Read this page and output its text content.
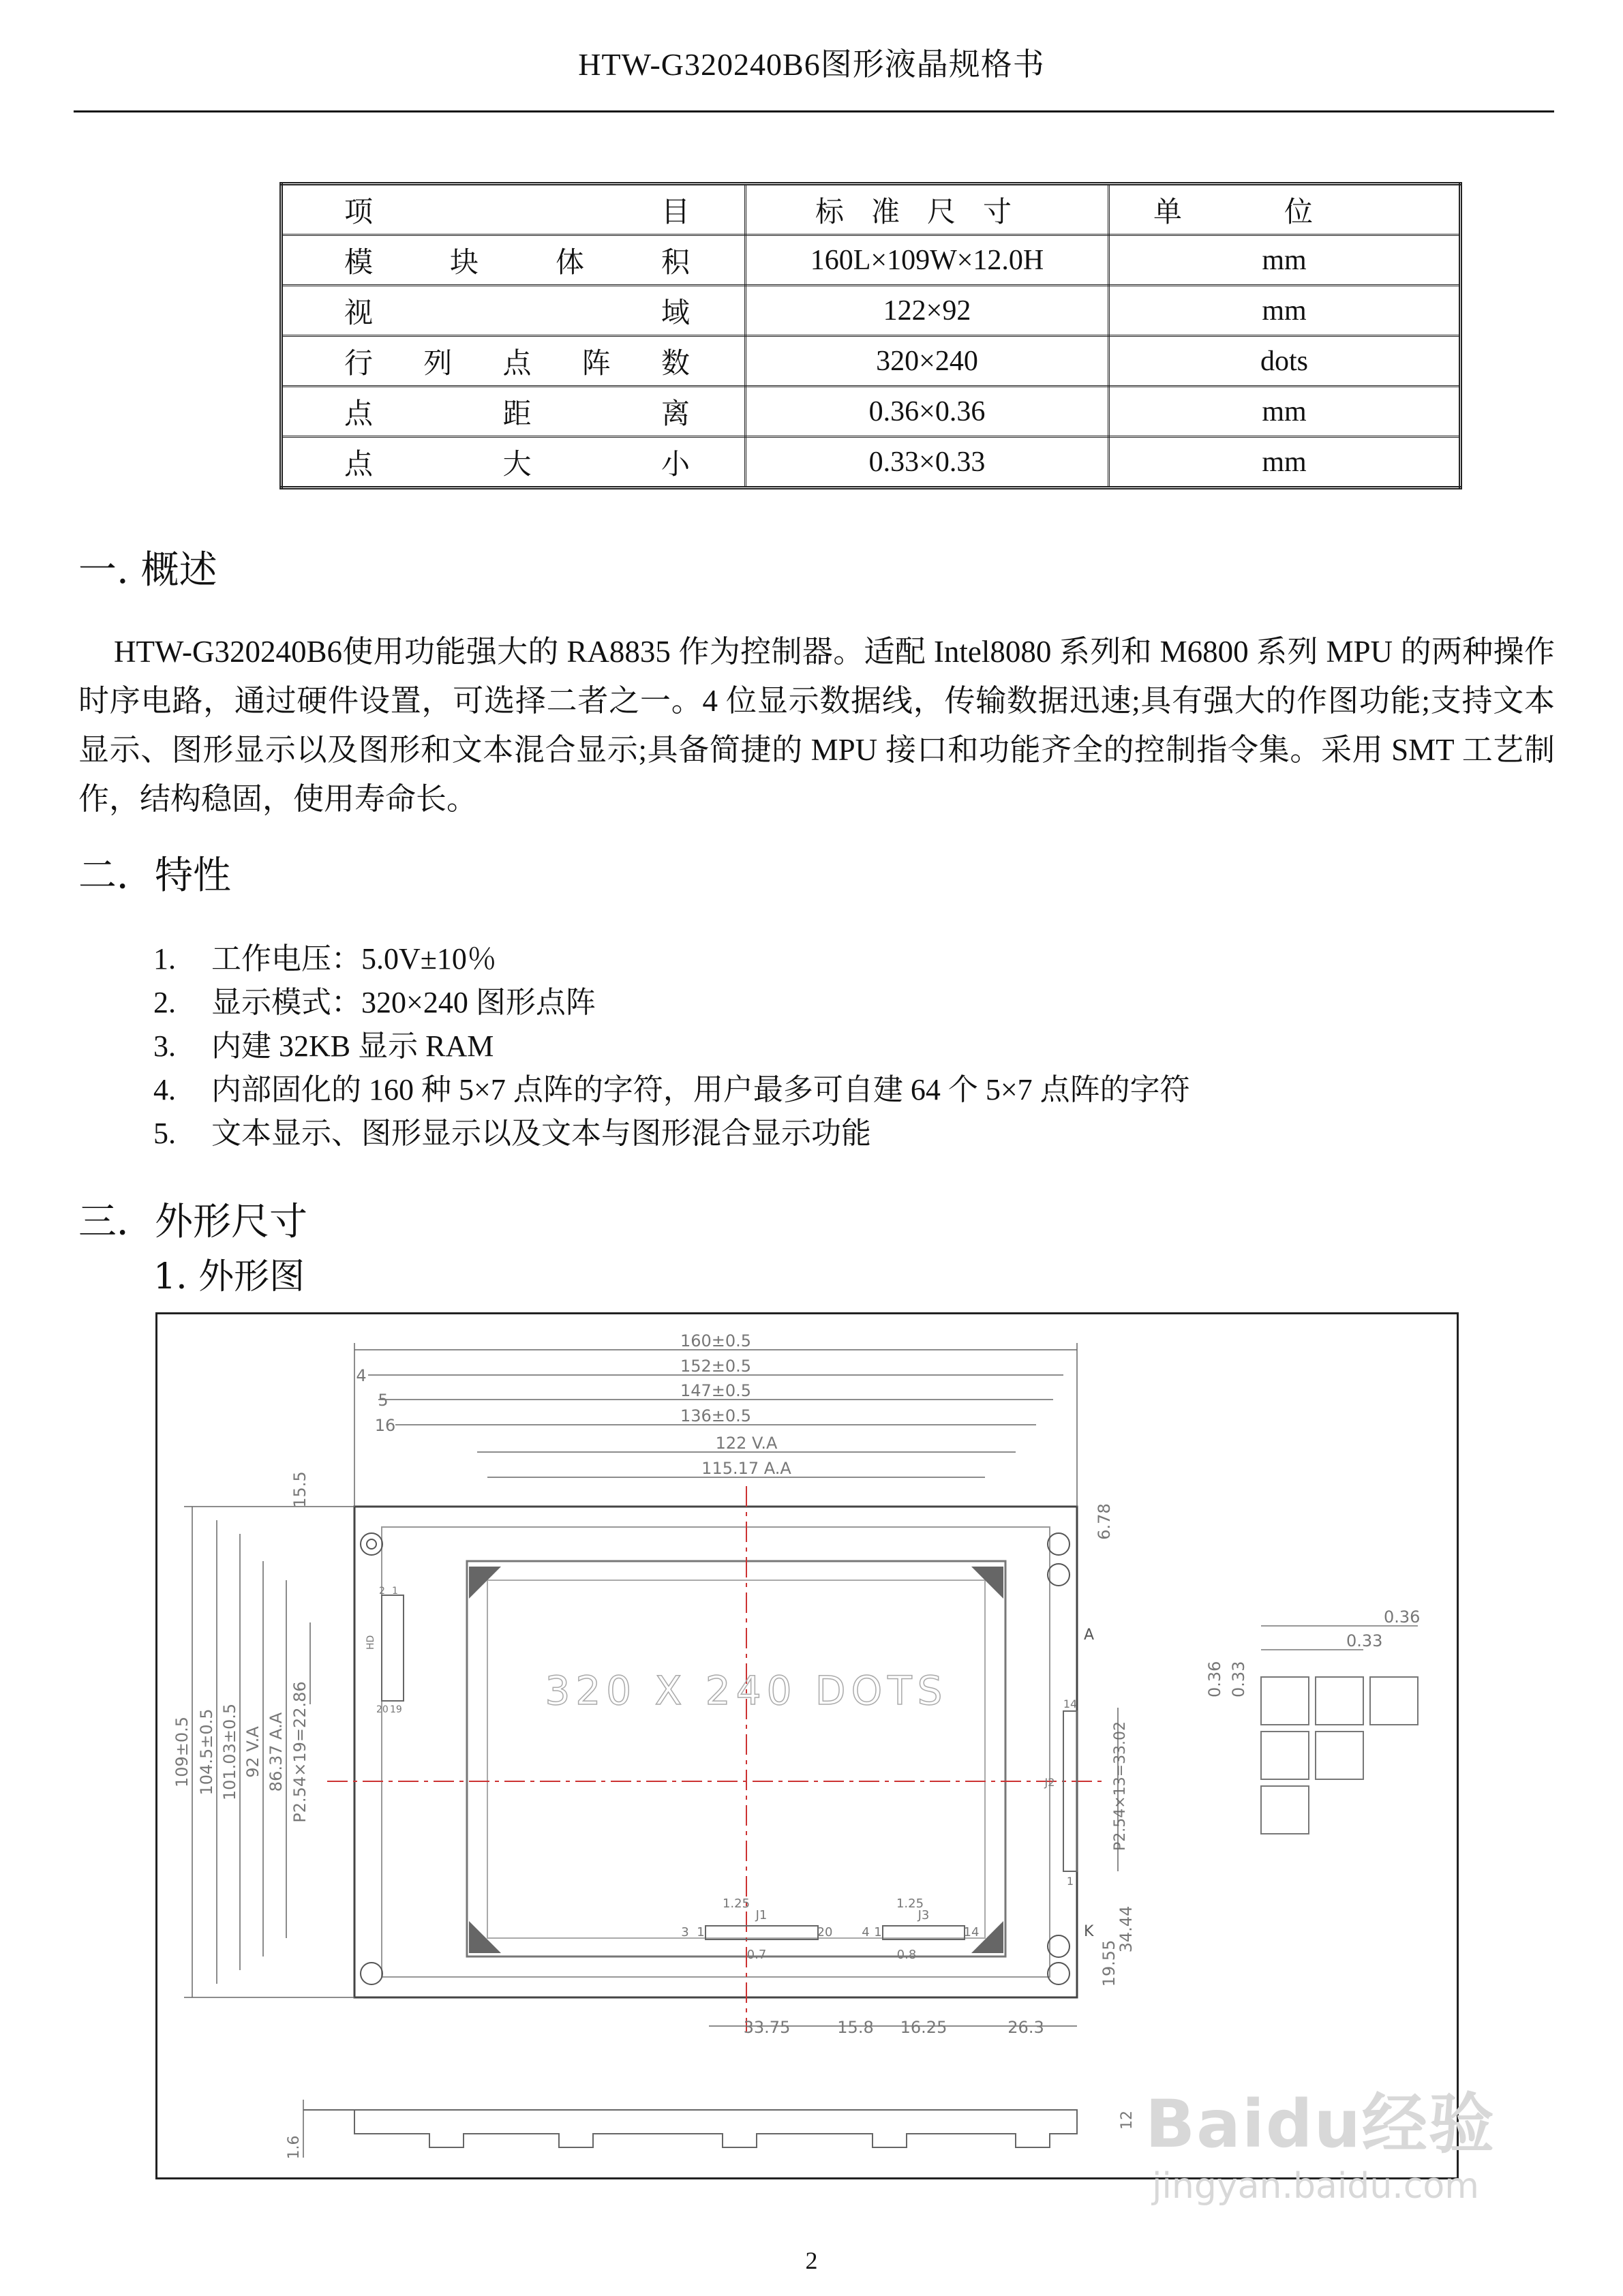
HTW-G320240B6图形液晶规格书
项 目	标准尺寸	单位
模块体积	160L×109W×12.0H	mm
视 域	122×92	mm
行列点阵数	320×240	dots
点距离	0.36×0.36	mm
点大小	0.33×0.33	mm
一. 概述
HTW-G320240B6使用功能强大的 RA8835 作为控制器。适配 Intel8080 系列和 M6800 系列 MPU 的两种操作时序电路，通过硬件设置，可选择二者之一。4 位显示数据线，传输数据迅速;具有强大的作图功能;支持文本显示、图形显示以及图形和文本混合显示;具备简捷的 MPU 接口和功能齐全的控制指令集。采用 SMT 工艺制作，结构稳固，使用寿命长。
二．特性
1. 工作电压：5.0V±10％
2. 显示模式：320×240 图形点阵
3. 内建 32KB 显示 RAM
4. 内部固化的 160 种 5×7 点阵的字符，用户最多可自建 64 个 5×7 点阵的字符
5. 文本显示、图形显示以及文本与图形混合显示功能
三．外形尺寸
1. 外形图
160±0.5
152±0.5
147±0.5
136±0.5
122 V.A
115.17 A.A
4
5
16
109±0.5 104.5±0.5 101.03±0.5 92 V.A 86.37 A.A P2.54×19=22.86
15.5
6.78
2 1
20 19
HD
320 X 240 DOTS
J1
1.25
0.7
1	20
3
J3
1.25
0.8
1	14
4
J2
14
1
P2.54×13=33.02
A
K
33.75	15.8 16.25	26.3
19.55
34.44
1.6
12
0.36
0.33
0.36 0.33
Baidu经验
jingyan.baidu.com
2
